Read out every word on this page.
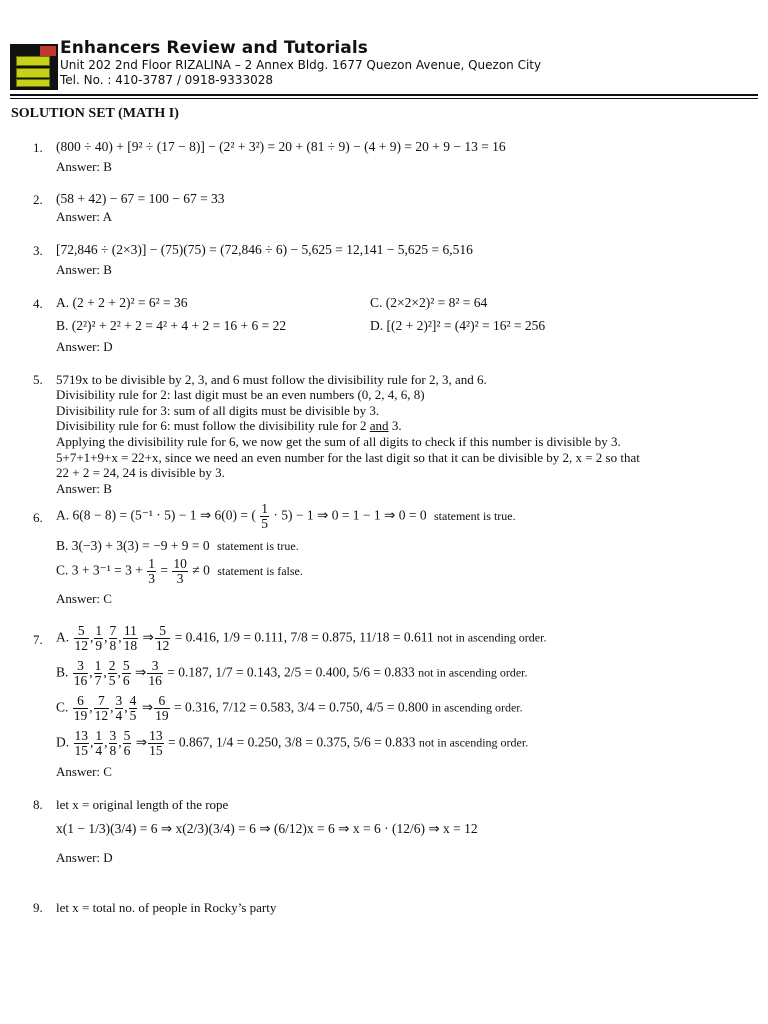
Enhancers Review and Tutorials
Unit 202 2nd Floor RIZALINA – 2 Annex Bldg. 1677 Quezon Avenue, Quezon City
Tel. No. : 410-3787 / 0918-9333028
SOLUTION SET (MATH I)
1. (800 ÷ 40) + [9² ÷ (17 − 8)] − (2² + 3²) = 20 + (81 ÷ 9) − (4 + 9) = 20 + 9 − 13 = 16
Answer: B
2. (58 + 42) − 67 = 100 − 67 = 33
Answer: A
3. [72,846 ÷ (2×3)] − (75)(75) = (72,846 ÷ 6) − 5,625 = 12,141 − 5,625 = 6,516
Answer: B
4. A. (2 + 2 + 2)² = 6² = 36	C. (2×2×2)² = 8² = 64
B. (2²)² + 2² + 2 = 4² + 4 + 2 = 16 + 6 = 22	D. [(2 + 2)²]² = (4²)² = 16² = 256
Answer: D
5. 5719x to be divisible by 2, 3, and 6 must follow the divisibility rule for 2, 3, and 6.
Divisibility rule for 2: last digit must be an even numbers (0, 2, 4, 6, 8)
Divisibility rule for 3: sum of all digits must be divisible by 3.
Divisibility rule for 6: must follow the divisibility rule for 2 and 3.
Applying the divisibility rule for 6, we now get the sum of all digits to check if this number is divisible by 3.
5+7+1+9+x = 22+x, since we need an even number for the last digit so that it can be divisible by 2, x = 2 so that
22 + 2 = 24, 24 is divisible by 3.
Answer: B
6. A. 6(8 − 8) = (5⁻¹ · 5) − 1 ⇒ 6(0) = ( $\frac{1}{5} \cdot 5) - 1$ ⇒ 0 = 1 − 1 ⇒ 0 = 0 statement is true.
B. 3(−3) + 3(3) = −9 + 9 = 0 statement is true.
C. $3 + 3^{-1} = 3 + \frac{1}{3} = \frac{10}{3} \ne 0$ statement is false.
Answer: C
7. A. $\frac{5}{12}$ , $\frac{1}{9}$ , $\frac{7}{8}$ , $\frac{11}{18}$ ⇒ $\frac{5}{12} = 0.416$, 1/9 = 0.111, 7/8 = 0.875, 11/18 = 0.611 not in ascending order.
B. $\frac{3}{16}$ , $\frac{1}{7}$ , $\frac{2}{5}$ , $\frac{5}{6}$ ⇒ $\frac{3}{16} = 0.187$, 1/7 = 0.143, 2/5 = 0.400, 5/6 = 0.833 not in ascending order.
C. $\frac{6}{19}$ , $\frac{7}{12}$ , $\frac{3}{4}$ , $\frac{4}{5}$ ⇒ $\frac{6}{19} = 0.316$, 7/12 = 0.583, 3/4 = 0.750, 4/5 = 0.800 in ascending order.
D. $\frac{13}{15}$ , $\frac{1}{4}$ , $\frac{3}{8}$ , $\frac{5}{6}$ ⇒ $\frac{13}{15} = 0.867$, 1/4 = 0.250, 3/8 = 0.375, 5/6 = 0.833 not in ascending order.
Answer: C
8. let x = original length of the rope
x(1 − 1/3)(3/4) = 6 ⇒ x(2/3)(3/4) = 6 ⇒ (6/12)x = 6 ⇒ x = 6 · (12/6) ⇒ x = 12
Answer: D
9. let x = total no. of people in Rocky’s party
